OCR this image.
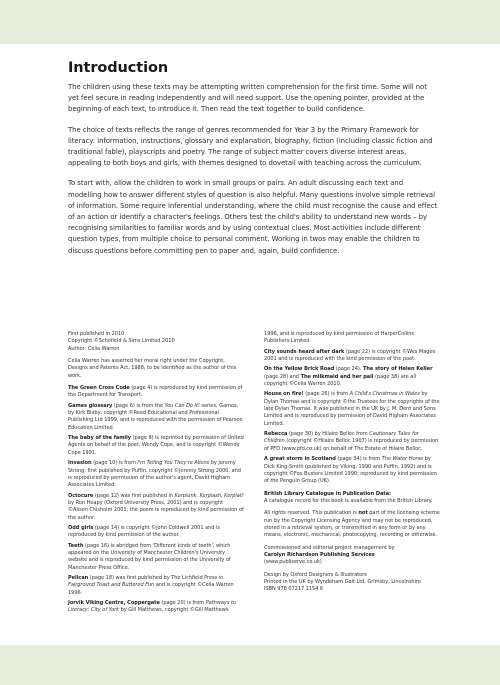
Introduction

The children using these texts may be attempting written comprehension for the first time. Some will not yet feel secure in reading independently and will need support. Use the opening pointer, provided at the beginning of each text, to introduce it. Then read the text together to build confidence.

The choice of texts reflects the range of genres recommended for Year 3 by the Primary Framework for literacy: information, instructions, glossary and explanation, biography, fiction (including classic fiction and traditional fable), playscripts and poetry. The range of subject matter covers diverse interest areas, appealing to both boys and girls, with themes designed to dovetail with teaching across the curriculum.

To start with, allow the children to work in small groups or pairs. An adult discussing each text and modelling how to answer different styles of question is also helpful. Many questions involve simple retrieval of information. Some require inferential understanding, where the child must recognise the cause and effect of an action or identify a character's feelings. Others test the child's ability to understand new words – by recognising similarities to familiar words and by using contextual clues. Most activities include different question types, from multiple choice to personal comment. Working in twos may enable the children to discuss questions before committing pen to paper and, again, build confidence.

First published in 2010
Copyright ©Schofield & Sims Limited 2010
Author: Celia Warren

Celia Warren has asserted her moral right under the Copyright, Designs and Patents Act, 1988, to be identified as the author of this work.

The Green Cross Code (page 4) is reproduced by kind permission of the Department for Transport.

Games glossary (page 6) is from the You Can Do It! series, Games, by Kirk Bixby, copyright ©Reed Educational and Professional Publishing Ltd 1999, and is reproduced with the permission of Pearson Education Limited.

The baby of the family (page 8) is reprinted by permission of United Agents on behalf of the poet, Wendy Cope, and is copyright ©Wendy Cope 1991.

Invasion (page 10) is from I'm Telling You They're Aliens by Jeremy Strong, first published by Puffin, copyright ©Jeremy Strong 2000, and is reproduced by permission of the author's agent, David Higham Associates Limited.

Octocure (page 12) was first published in Kerplunk, Kerplash, Kerplat! by Ron Heapy (Oxford University Press, 2001) and is copyright ©Alison Chisholm 2001; the poem is reproduced by kind permission of the author.

Odd girls (page 14) is copyright ©John Coldwell 2001 and is reproduced by kind permission of the author.

Teeth (page 16) is abridged from 'Different kinds of teeth', which appeared on the University of Manchester Children's University website and is reproduced by kind permission of the University of Manchester Press Office.

Pelican (page 18) was first published by The Lichfield Press in Fairground Toast and Buttered Fun and is copyright ©Celia Warren 1996.

Jorvik Viking Centre, Coppergate (page 20) is from Pathways to Literacy: City of York by Gill Matthews, copyright ©Gill Matthews

1996, and is reproduced by kind permission of HarperCollins Publishers Limited.

City sounds heard after dark (page 22) is copyright ©Wes Magee 2001 and is reproduced with the kind permission of the poet.

On the Yellow Brick Road (page 24), The story of Helen Keller (page 28) and The milkmaid and her pail (page 38) are all copyright ©Celia Warren 2010.

House on fire! (page 26) is from A Child's Christmas in Wales by Dylan Thomas and is copyright ©the Trustees for the copyrights of the late Dylan Thomas. It was published in the UK by J. M. Dent and Sons Limited and is reproduced by permission of David Higham Associates Limited.

Rebecca (page 30) by Hilaire Belloc from Cautionary Tales for Children (copyright ©Hilaire Belloc 1907) is reproduced by permission of PFD (www.pfd.co.uk) on behalf of The Estate of Hilaire Belloc.

A great storm in Scotland (page 34) is from The Water Horse by Dick King-Smith (published by Viking, 1990 and Puffin, 1992) and is copyright ©Fox Busters Limited 1990; reproduced by kind permission of the Penguin Group (UK).

British Library Catalogue in Publication Data:
A catalogue record for this book is available from the British Library.

All rights reserved. This publication is not part of the licensing scheme run by the Copyright Licensing Agency and may not be reproduced, stored in a retrieval system, or transmitted in any form or by any means, electronic, mechanical, photocopying, recording or otherwise.

Commissioned and editorial project management by
Carolyn Richardson Publishing Services
(www.publiserve.co.uk)

Design by Oxford Designers & Illustrators
Printed in the UK by Wyndeham Gait Ltd, Grimsby, Lincolnshire
ISBN 978 07217 1154 6
